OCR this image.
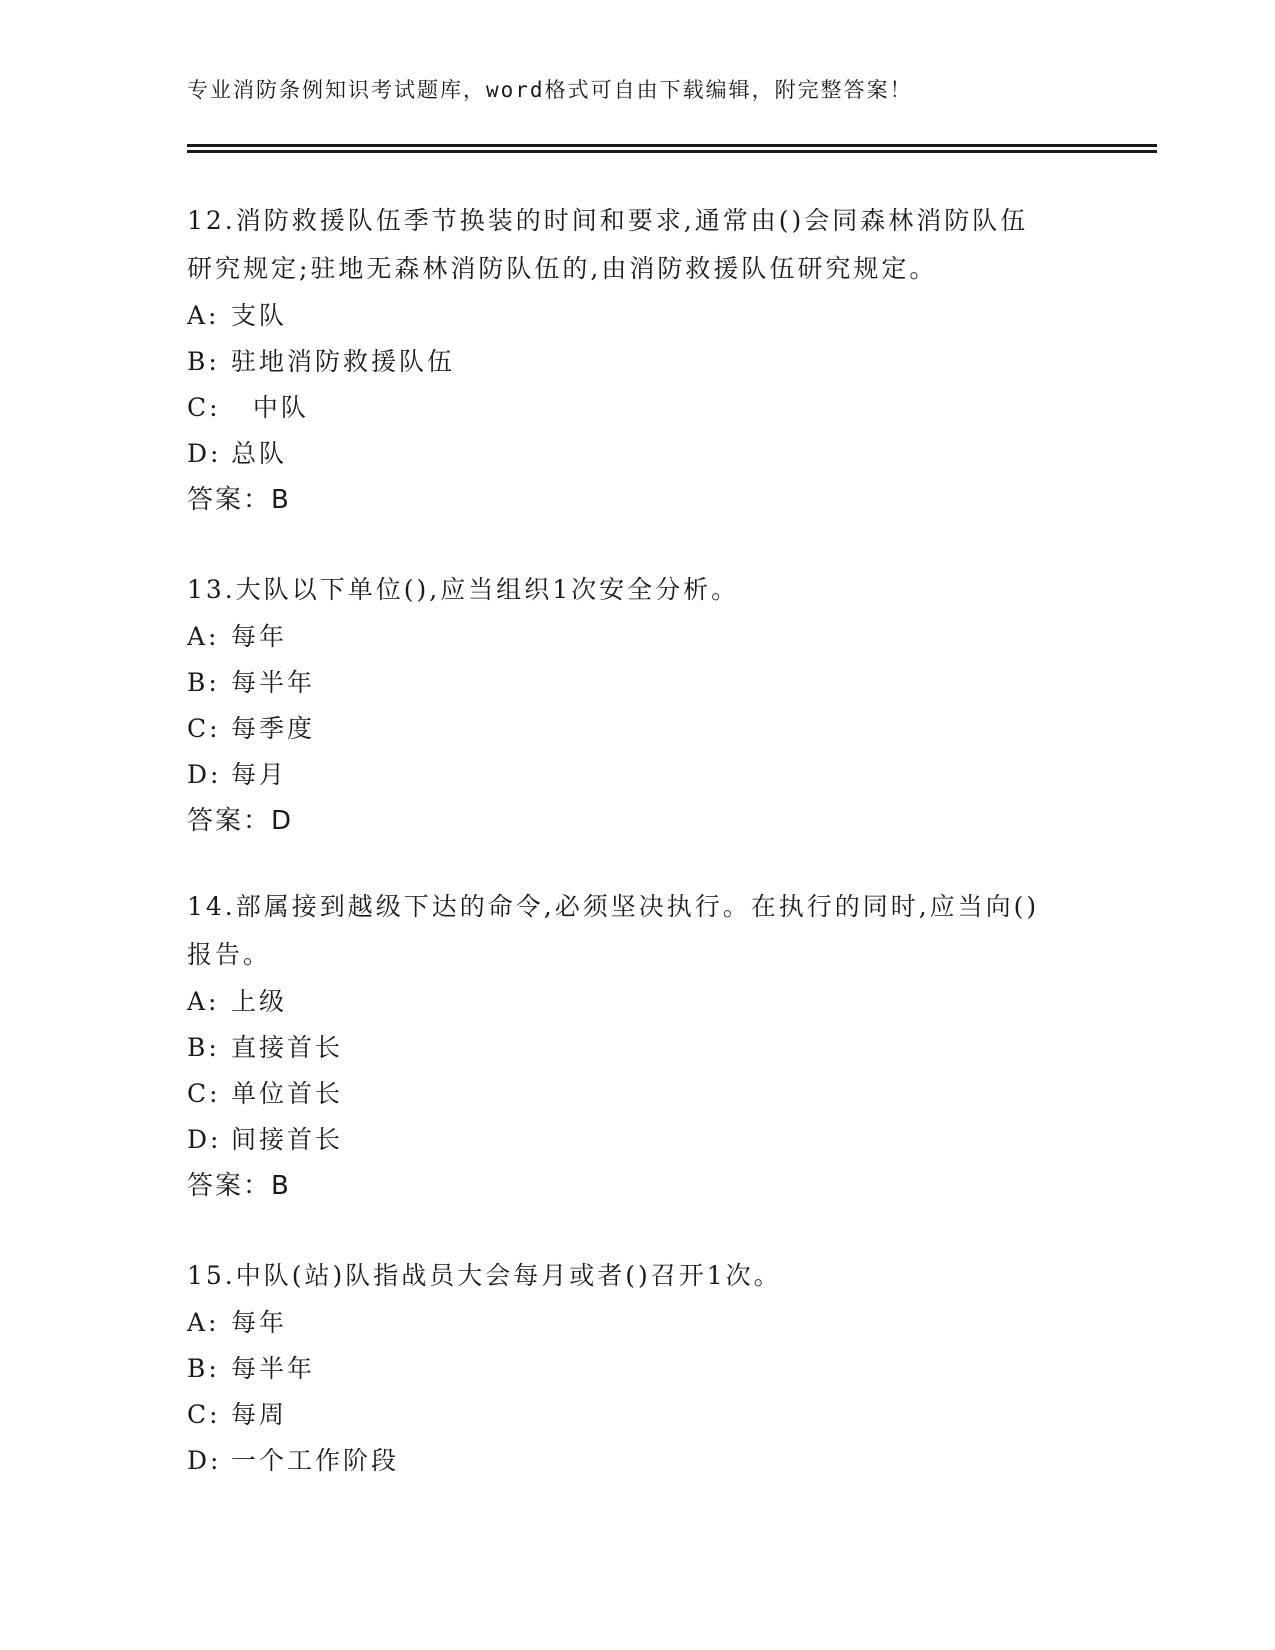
专业消防条例知识考试题库，word格式可自由下载编辑，附完整答案！
12.消防救援队伍季节换装的时间和要求,通常由()会同森林消防队伍
研究规定;驻地无森林消防队伍的,由消防救援队伍研究规定。
A: 支队
B: 驻地消防救援队伍
C:  中队
D: 总队
答案：B
13.大队以下单位(),应当组织1次安全分析。
A: 每年
B: 每半年
C: 每季度
D: 每月
答案：D
14.部属接到越级下达的命令,必须坚决执行。在执行的同时,应当向()
报告。
A: 上级
B: 直接首长
C: 单位首长
D: 间接首长
答案：B
15.中队(站)队指战员大会每月或者()召开1次。
A: 每年
B: 每半年
C: 每周
D: 一个工作阶段
